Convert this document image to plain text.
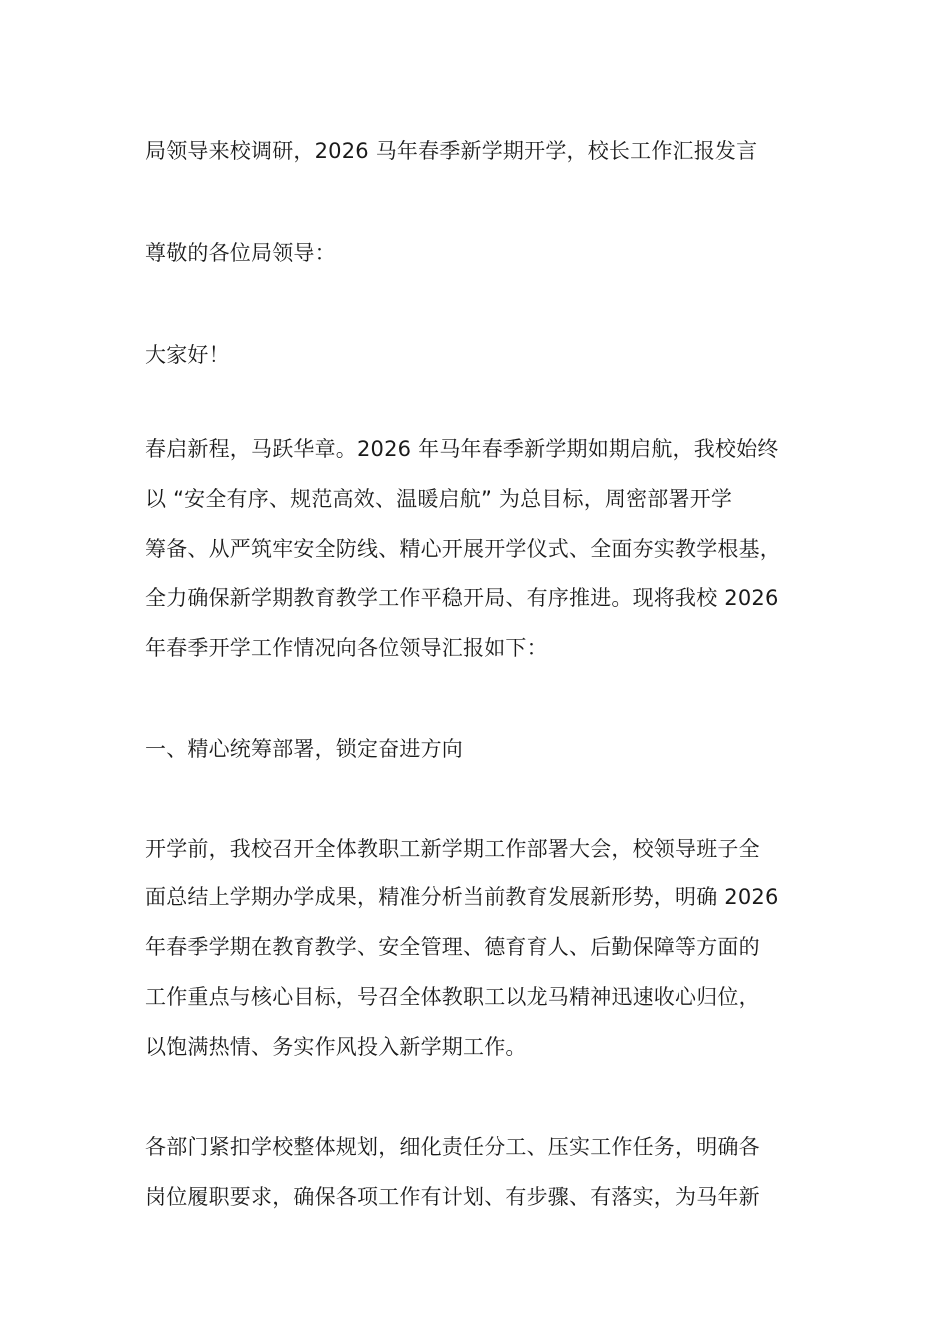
局领导来校调研，2026 马年春季新学期开学，校长工作汇报发言
尊敬的各位局领导：
大家好！
春启新程，马跃华章。2026 年马年春季新学期如期启航，我校始终
以 “安全有序、规范高效、温暖启航” 为总目标，周密部署开学
筹备、从严筑牢安全防线、精心开展开学仪式、全面夯实教学根基，
全力确保新学期教育教学工作平稳开局、有序推进。现将我校 2026
年春季开学工作情况向各位领导汇报如下：
一、精心统筹部署，锁定奋进方向
开学前，我校召开全体教职工新学期工作部署大会，校领导班子全
面总结上学期办学成果，精准分析当前教育发展新形势，明确 2026
年春季学期在教育教学、安全管理、德育育人、后勤保障等方面的
工作重点与核心目标，号召全体教职工以龙马精神迅速收心归位，
以饱满热情、务实作风投入新学期工作。
各部门紧扣学校整体规划，细化责任分工、压实工作任务，明确各
岗位履职要求，确保各项工作有计划、有步骤、有落实，为马年新
